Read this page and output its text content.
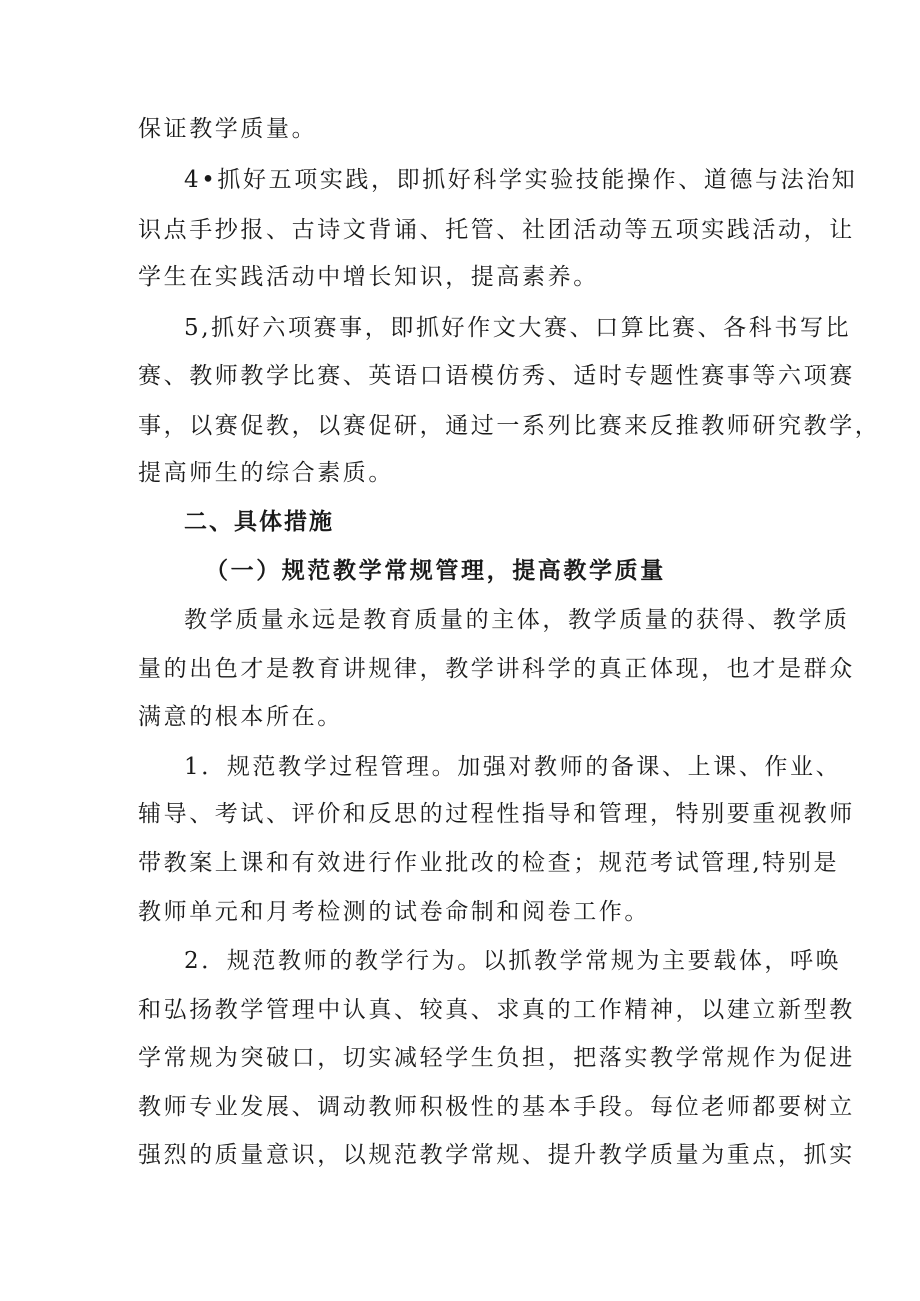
保证教学质量。
4•抓好五项实践，即抓好科学实验技能操作、道德与法治知
识点手抄报、古诗文背诵、托管、社团活动等五项实践活动，让
学生在实践活动中增长知识，提高素养。
5,抓好六项赛事，即抓好作文大赛、口算比赛、各科书写比
赛、教师教学比赛、英语口语模仿秀、适时专题性赛事等六项赛
事，以赛促教，以赛促研，通过一系列比赛来反推教师研究教学，
提高师生的综合素质。
二、具体措施
（一）规范教学常规管理，提高教学质量
教学质量永远是教育质量的主体，教学质量的获得、教学质
量的出色才是教育讲规律，教学讲科学的真正体现，也才是群众
满意的根本所在。
1．规范教学过程管理。加强对教师的备课、上课、作业、
辅导、考试、评价和反思的过程性指导和管理，特别要重视教师
带教案上课和有效进行作业批改的检查；规范考试管理,特别是
教师单元和月考检测的试卷命制和阅卷工作。
2．规范教师的教学行为。以抓教学常规为主要载体，呼唤
和弘扬教学管理中认真、较真、求真的工作精神，以建立新型教
学常规为突破口，切实减轻学生负担，把落实教学常规作为促进
教师专业发展、调动教师积极性的基本手段。每位老师都要树立
强烈的质量意识，以规范教学常规、提升教学质量为重点，抓实
